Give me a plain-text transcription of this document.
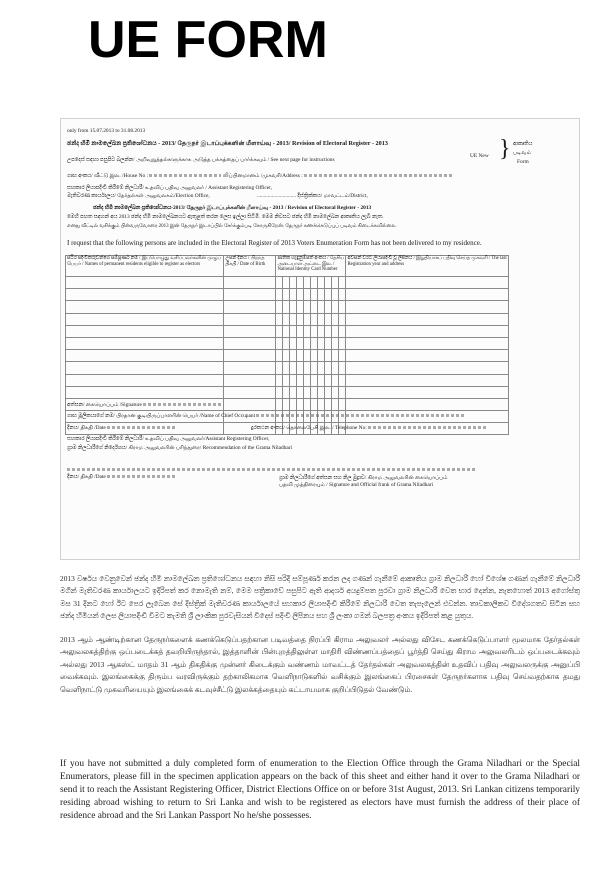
UE FORM
only from 15.07.2013 to 31.08.2013
ඡන්ද හිමි නාමලේඛන ප්‍රතිශෝධනය - 2013/ தேருநர் இடாப்புக்களின் மீளாய்வு - 2013/ Revision of Electoral Register - 2013
UE New } ආකෘතිය
படிவம்
Form
උපදෙස් සඳහා පසුපිට බලන්න/ அறிவுறுத்தல்களுக்காக அடுத்த பக்கத்தைப் பார்க்கவும் / See next page for instructions
ගෘහ අංකය/ வீட்டு இல. /House No :	லிப்பினமானம் /முகவரி/Address :
සහකාර ලියාපදිංචි කිරීමේ නිලධාරී/ உதவிப் பதிவு அலுவலர் / Assistant Registering Officer,
මැතිවරණ කාර්යාලය/ தேர்தல்கள் அலுவலகம்/Election Office,	............................. දිස්ත්‍රික්කය/ மாவட்டம்/District,
ඡන්ද හිමි නාමලේඛන ප්‍රතිශෝධනය-2013/ தேருநர் இடாப்புக்களின் மீளாய்வு - 2013 / Revision of Electoral Register - 2013
මෙහි පහත සඳහන් අය 2013 ඡන්ද හිමි නාමලේඛනයට ඇතුළත් කරන ලෙස ඉල්ලා සිටිමි. මෙම නිවසට ඡන්ද හිමි නාමලේඛන ආකෘතිය ලැබී නැත.
எனது வீட்டில் வசிக்கும் பின்வருவோரை 2013 இன் தேருநர் இடாப்பில் சேர்க்கும்படி கோருகிறேன். தேருநர் கணக்கெடுப்புப் படிவம் கிடைக்கவில்லை.
I request that the following persons are included in the Electoral Register of 2013 Voters Enumeration Form has not been delivered to my residence.
ස්ථිර පදිංචිකරුවන්ගේ සම්පූර්ණ නම / இப்பொழுது வசிப்பவர்களின் முழுப் பெயர் / Names of permanent residents eligible to register as electors	උපන් දිනය / பிறந்த திகதி / Date of Birth	ජාතික හැඳුනුම්පත් අංකය / தேசிய அடையாள அட்டை இல. / National Identity Card Number										අවසන් වරට ලියාපදිංචි වූ ලිපිනය / இறுதியாகப் பதிவு செய்த முகவரி / The last Registration year and address

අත්සන/ கையொப்பம் /Signature
ගෘහ මූලිකයාගේ නම/ பிரதான குடியிருப்பாளரின் பெயர் /Name of Chief Occupant
දිනය/ திகதி /Date	දුරකථන අංකය/ தொலைபேசி இல. / Telephone No:
සහකාර ලියාපදිංචි කිරීමේ නිලධාරී/ உதவிப் பதிவு அலுவலர்/Assistant Registering Officer,
ග්‍රාම නිලධාරීගේ නිර්දේශය/ கிராம அலுவலரின் பரிந்துரை/ Recommendation of the Grama Niladhari
දිනය/ திகதி /Date	ග්‍රාම නිලධාරීගේ අත්සන සහ නිල මුද්‍රාව/ கிராம அலுவலரின் கையொப்பம்
பதவி முத்திரையும் / Signature and Official frank of Grama Niladhari
2013 වර්ෂය වෙනුවෙන් ඡන්ද හිමි නාමලේඛන ප්‍රතිශෝධනය සඳහා නිසි පරිදි සම්පූර්ණ කරන ලද ගණන් ගැනීමේ ආකෘතිය ග්‍රාම නිලධාරී හෝ විශේෂ ගණන් ගැනීමේ නිලධාරී මගින් මැතිවරණ කාර්යාලයට ඉදිරිපත් කර නොමැති නම්, මෙම පත්‍රිකාවේ පසුපිට ඇති ආදර්ශ අයදුම්පත පුරවා ග්‍රාම නිලධාරී වෙත භාර දෙන්න, නැතහොත් 2013 අගෝස්තු මස 31 දිනට හෝ ඊට පෙර ලැබෙන සේ දිස්ත්‍රික් මැතිවරණ කාර්යාලයේ සහකාර ලියාපදිංචි කිරීමේ නිලධාරී වෙත තැපෑලෙන් එවන්න. තාවකාලිකව විදේශගතව සිටින සහ ඡන්ද හිමියන් ලෙස ලියාපදිංචි වීමට කැමති ශ්‍රී ලාංකික පුරවැසියන් විදෙස් පදිංචි ලිපිනය සහ ශ්‍රී ලංකා ගමන් බලපත්‍ර අංකය ඉදිරිපත් කළ යුතුය.
2013 ஆம் ஆண்டிற்கான தேருநர்களைக் கணக்கெடுப்பதற்கான படிவத்தை நிரப்பி கிராம அலுவலர் அல்லது விசேட கணக்கெடுப்பாளர் மூலமாக தேர்தல்கள் அலுவலகத்திற்கு ஒப்படைக்கத் தவறியிருந்தால், இத்தாளின் பின்புறத்திலுள்ள மாதிரி விண்ணப்பத்தைப் பூர்த்தி செய்து கிராம அலுவலரிடம் ஒப்படைக்கவும் அல்லது 2013 ஆகஸ்ட் மாதம் 31 ஆம் திகதிக்கு முன்னர் கிடைக்கும் வண்ணம் மாவட்டத் தேர்தல்கள் அலுவலகத்தின் உதவிப் பதிவு அலுவலருக்கு அனுப்பி வைக்கவும். இலங்கைக்கு திரும்ப வரவிருக்கும் தற்காலிகமாக வெளிநாடுகளில் வசிக்கும் இலங்கைப் பிரசைகள் தேருநர்களாக பதிவு செய்வதற்காக தமது வெளிநாட்டு முகவரியையும் இலங்கைக் கடவுச்சீட்டு இலக்கத்தையும் கட்டாயமாக குறிப்பிடுதல் வேண்டும்.
If you have not submitted a duly completed form of enumeration to the Election Office through the Grama Niladhari or the Special Enumerators, please fill in the specimen application appears on the back of this sheet and either hand it over to the Grama Niladhari or send it to reach the Assistant Registering Officer, District Elections Office on or before 31st August, 2013. Sri Lankan citizens temporarily residing abroad wishing to return to Sri Lanka and wish to be registered as electors have must furnish the address of their place of residence abroad and the Sri Lankan Passport No he/she possesses.
